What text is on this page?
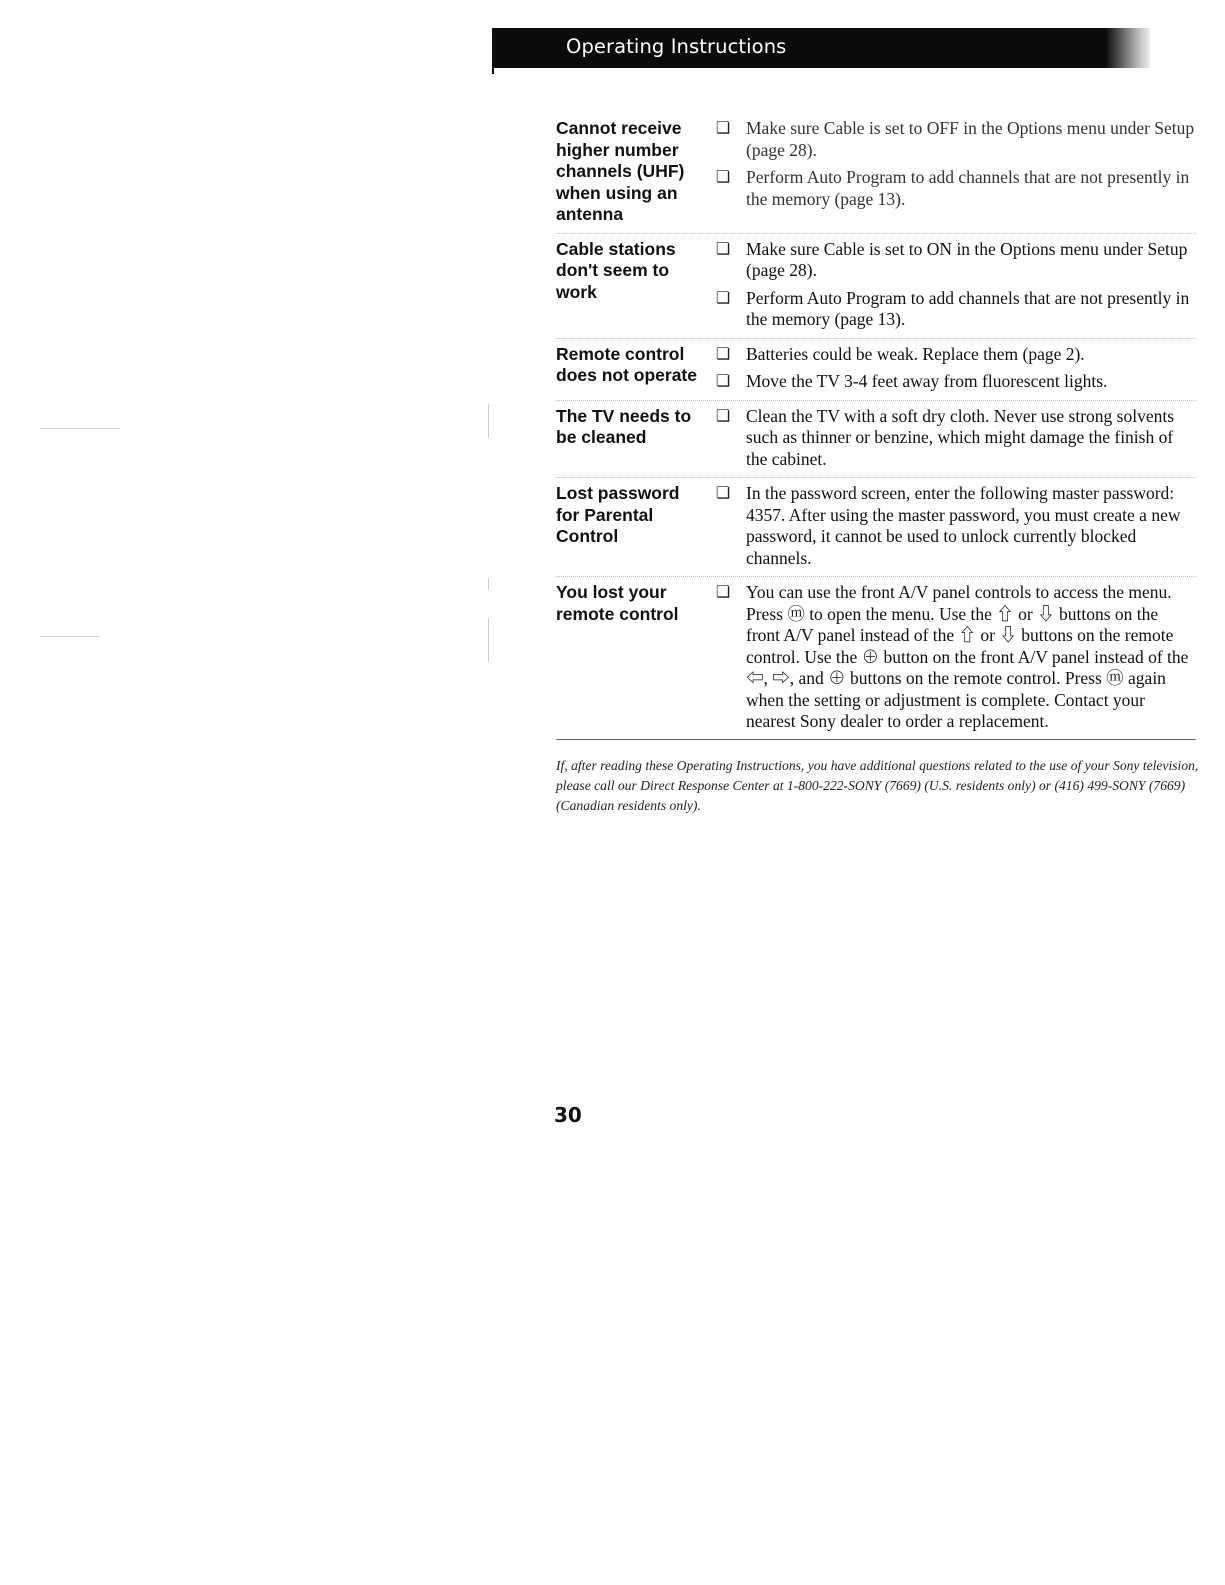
Operating Instructions
Cannot receive higher number channels (UHF) when using an antenna
❏ Make sure Cable is set to OFF in the Options menu under Setup (page 28).
❏ Perform Auto Program to add channels that are not presently in the memory (page 13).
Cable stations don't seem to work
❏ Make sure Cable is set to ON in the Options menu under Setup (page 28).
❏ Perform Auto Program to add channels that are not presently in the memory (page 13).
Remote control does not operate
❏ Batteries could be weak. Replace them (page 2).
❏ Move the TV 3-4 feet away from fluorescent lights.
The TV needs to be cleaned
❏ Clean the TV with a soft dry cloth. Never use strong solvents such as thinner or benzine, which might damage the finish of the cabinet.
Lost password for Parental Control
❏ In the password screen, enter the following master password: 4357. After using the master password, you must create a new password, it cannot be used to unlock currently blocked channels.
You lost your remote control
❏ You can use the front A/V panel controls to access the menu. Press ⓜ to open the menu. Use the ⇧ or ⇩ buttons on the front A/V panel instead of the ⇧ or ⇩ buttons on the remote control. Use the ⊕ button on the front A/V panel instead of the ⇦, ⇨, and ⊕ buttons on the remote control. Press ⓜ again when the setting or adjustment is complete. Contact your nearest Sony dealer to order a replacement.
If, after reading these Operating Instructions, you have additional questions related to the use of your Sony television, please call our Direct Response Center at 1-800-222-SONY (7669) (U.S. residents only) or (416) 499-SONY (7669) (Canadian residents only).
30
